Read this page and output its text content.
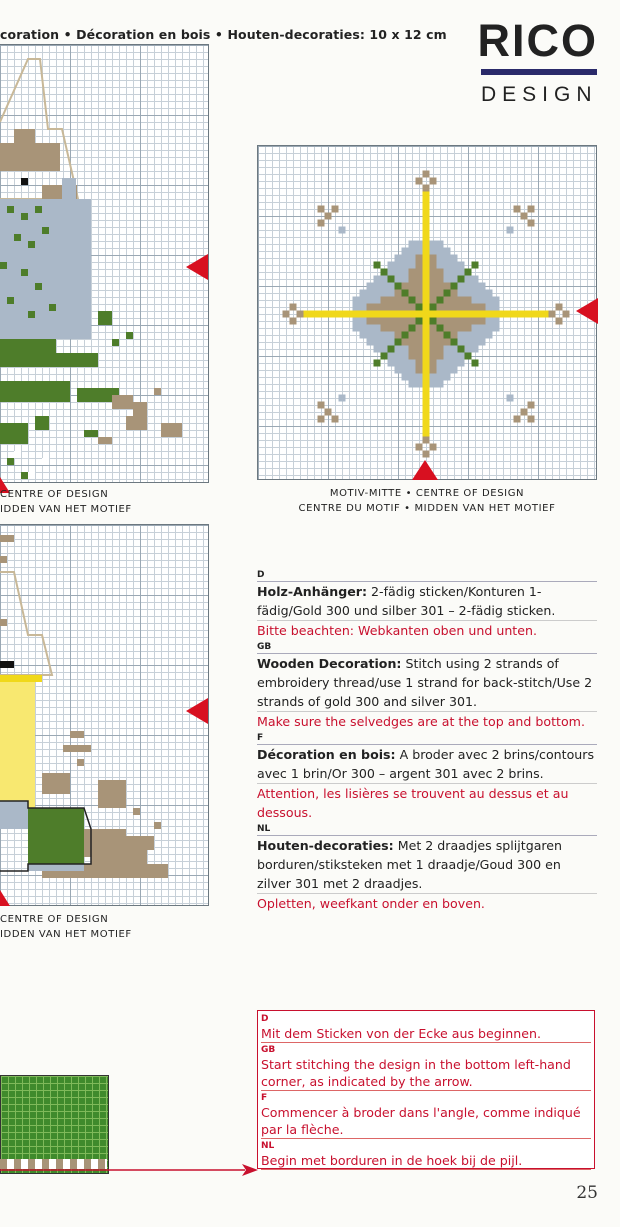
coration • Décoration en bois • Houten-decoraties: 10 x 12 cm RICO
DESIGN
CENTRE OF DESIGN
IDDEN VAN HET MOTIEF
MOTIV-MITTE • CENTRE OF DESIGN
CENTRE DU MOTIF • MIDDEN VAN HET MOTIEF
CENTRE OF DESIGN
IDDEN VAN HET MOTIEF
D
Holz-Anhänger: 2-fädig sticken/Konturen 1-fädig/Gold 300 und silber 301 – 2-fädig sticken.
Bitte beachten: Webkanten oben und unten.
GB
Wooden Decoration: Stitch using 2 strands of embroidery thread/use 1 strand for back-stitch/Use 2 strands of gold 300 and silver 301.
Make sure the selvedges are at the top and bottom.
F
Décoration en bois: A broder avec 2 brins/contours avec 1 brin/Or 300 – argent 301 avec 2 brins.
Attention, les lisières se trouvent au dessus et au dessous.
NL
Houten-decoraties: Met 2 draadjes splijtgaren borduren/stiksteken met 1 draadje/Goud 300 en zilver 301 met 2 draadjes.
Opletten, weefkant onder en boven.
D
Mit dem Sticken von der Ecke aus beginnen.
GB
Start stitching the design in the bottom left-hand
corner, as indicated by the arrow.
F
Commencer à broder dans l'angle, comme indiqué
par la flèche.
NL
Begin met borduren in de hoek bij de pijl.
25
